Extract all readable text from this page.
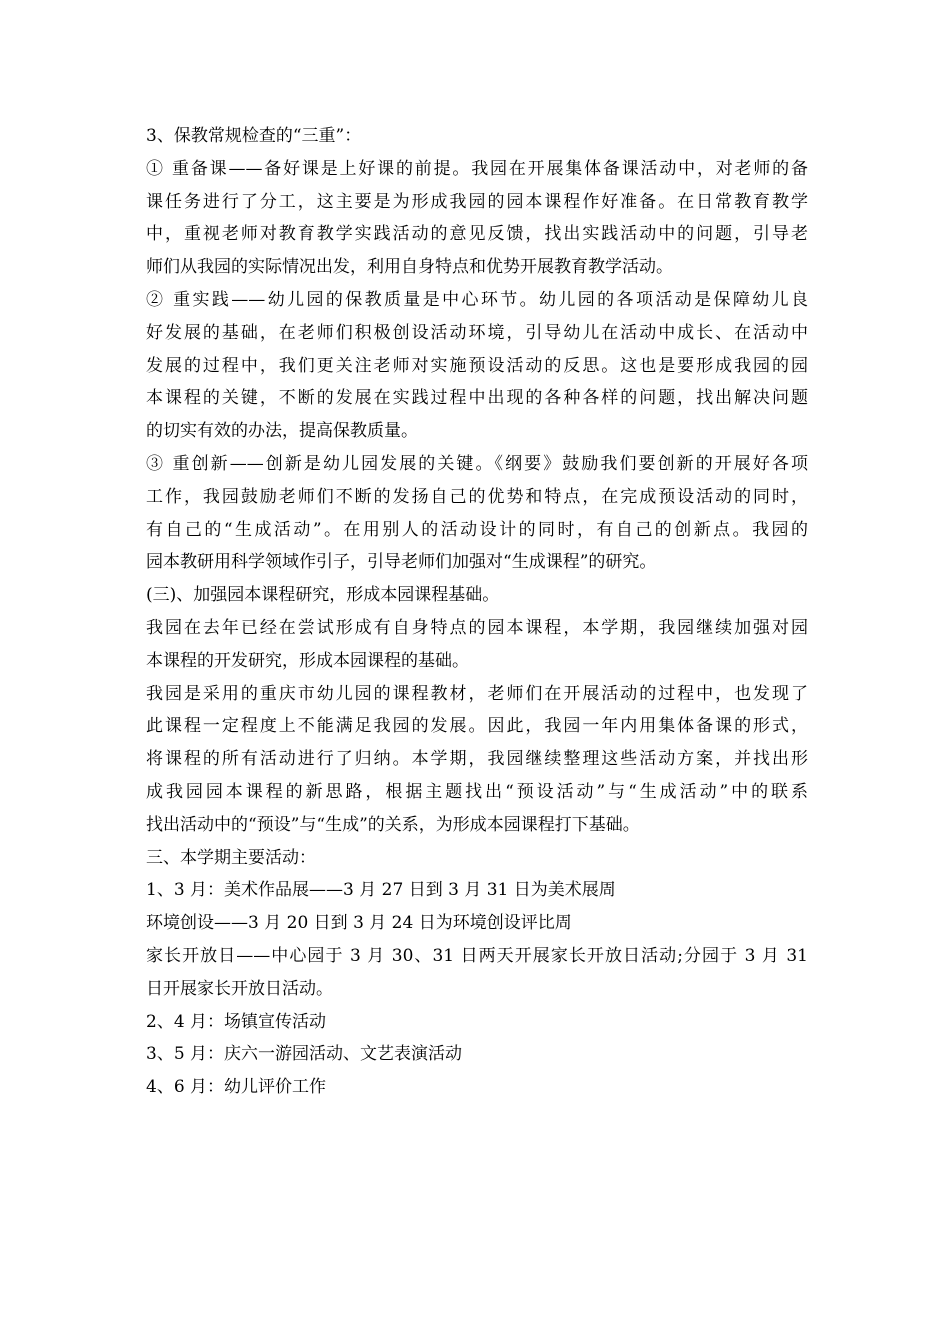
3、保教常规检查的“三重”：
① 重备课——备好课是上好课的前提。我园在开展集体备课活动中，对老师的备
课任务进行了分工，这主要是为形成我园的园本课程作好准备。在日常教育教学
中，重视老师对教育教学实践活动的意见反馈，找出实践活动中的问题，引导老
师们从我园的实际情况出发，利用自身特点和优势开展教育教学活动。
② 重实践——幼儿园的保教质量是中心环节。幼儿园的各项活动是保障幼儿良
好发展的基础，在老师们积极创设活动环境，引导幼儿在活动中成长、在活动中
发展的过程中，我们更关注老师对实施预设活动的反思。这也是要形成我园的园
本课程的关键，不断的发展在实践过程中出现的各种各样的问题，找出解决问题
的切实有效的办法，提高保教质量。
③ 重创新——创新是幼儿园发展的关键。《纲要》鼓励我们要创新的开展好各项
工作，我园鼓励老师们不断的发扬自己的优势和特点，在完成预设活动的同时，
有自己的“生成活动”。在用别人的活动设计的同时，有自己的创新点。我园的
园本教研用科学领域作引子，引导老师们加强对“生成课程”的研究。
(三)、加强园本课程研究，形成本园课程基础。
我园在去年已经在尝试形成有自身特点的园本课程，本学期，我园继续加强对园
本课程的开发研究，形成本园课程的基础。
我园是采用的重庆市幼儿园的课程教材，老师们在开展活动的过程中，也发现了
此课程一定程度上不能满足我园的发展。因此，我园一年内用集体备课的形式，
将课程的所有活动进行了归纳。本学期，我园继续整理这些活动方案，并找出形
成我园园本课程的新思路，根据主题找出“预设活动”与“生成活动”中的联系
找出活动中的“预设”与“生成”的关系，为形成本园课程打下基础。
三、本学期主要活动：
1、3 月：美术作品展——3 月 27 日到 3 月 31 日为美术展周
环境创设——3 月 20 日到 3 月 24 日为环境创设评比周
家长开放日——中心园于 3 月 30、31 日两天开展家长开放日活动;分园于 3 月 31
日开展家长开放日活动。
2、4 月：场镇宣传活动
3、5 月：庆六一游园活动、文艺表演活动
4、6 月：幼儿评价工作
